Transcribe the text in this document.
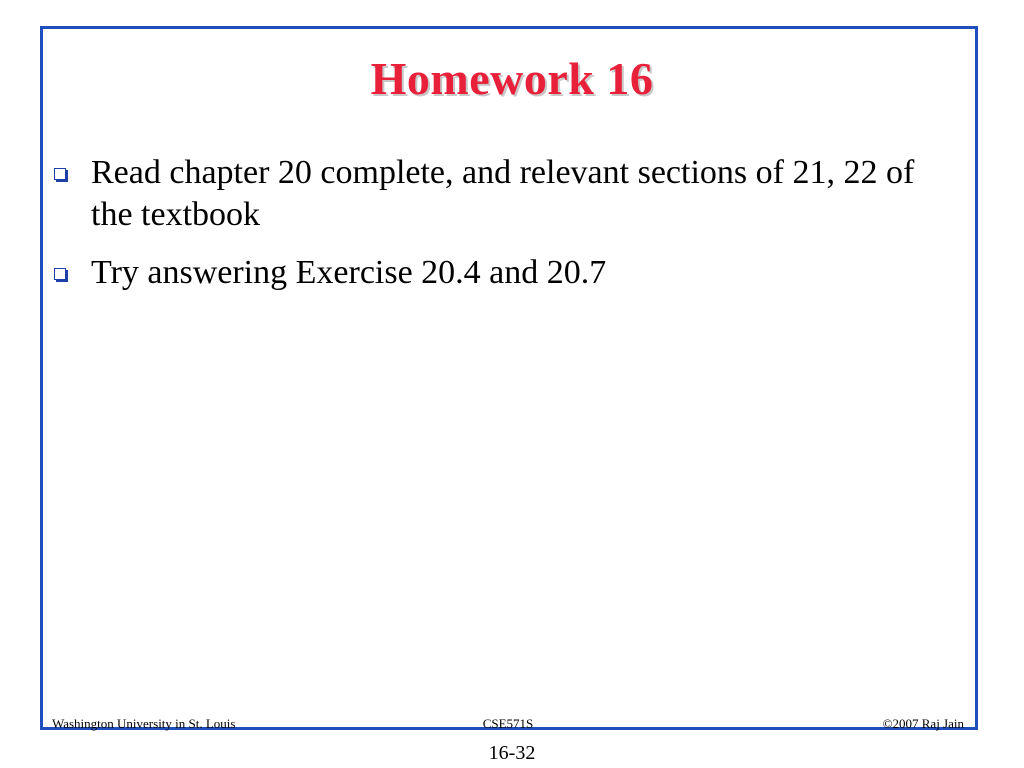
Homework 16
Read chapter 20 complete, and relevant sections of 21, 22 of the textbook
Try answering Exercise 20.4 and 20.7
Washington University in St. Louis	CSE571S	©2007 Raj Jain
16-32
